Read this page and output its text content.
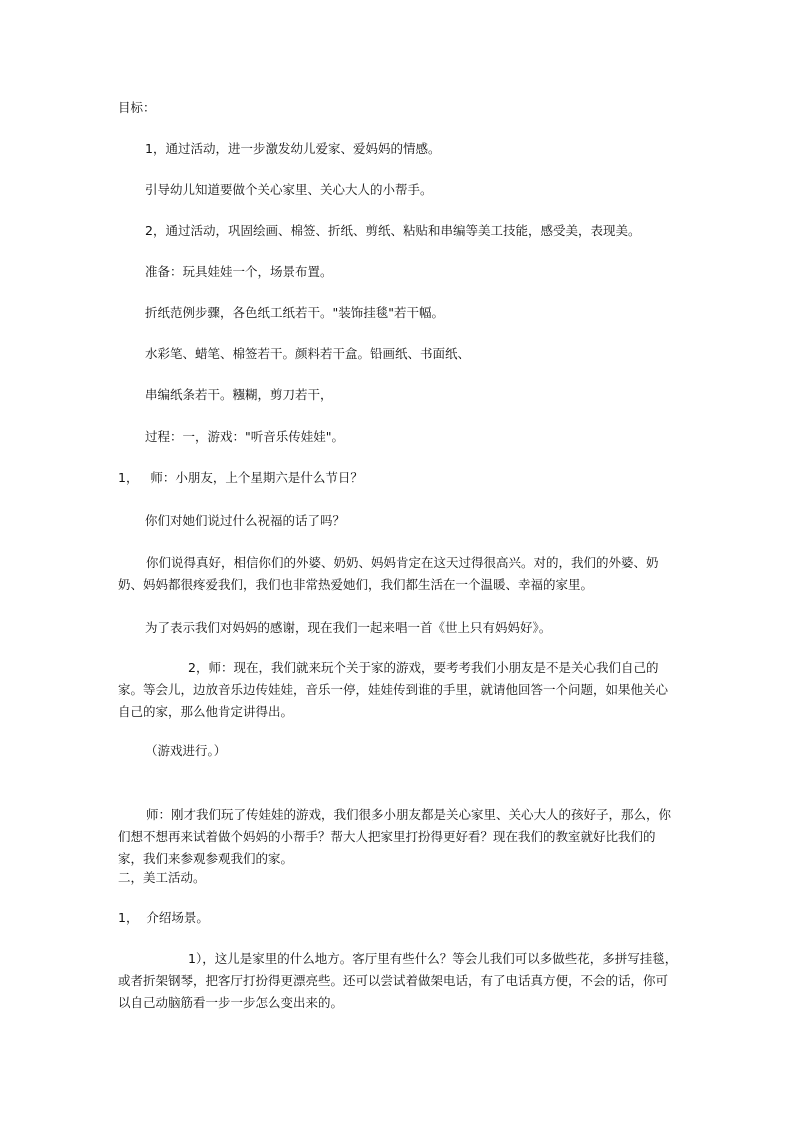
目标：

1，通过活动，进一步激发幼儿爱家、爱妈妈的情感。

引导幼儿知道要做个关心家里、关心大人的小帮手。

2，通过活动，巩固绘画、棉签、折纸、剪纸、粘贴和串编等美工技能，感受美，表现美。

准备：玩具娃娃一个，场景布置。

折纸范例步骤，各色纸工纸若干。"装饰挂毯"若干幅。

水彩笔、蜡笔、棉签若干。颜料若干盒。铅画纸、书面纸、

串编纸条若干。糨糊，剪刀若干，

过程：一，游戏："听音乐传娃娃"。

1，   师：小朋友，上个星期六是什么节日？

你们对她们说过什么祝福的话了吗？

你们说得真好，相信你们的外婆、奶奶、妈妈肯定在这天过得很高兴。对的，我们的外婆、奶奶、妈妈都很疼爱我们，我们也非常热爱她们，我们都生活在一个温暖、幸福的家里。

为了表示我们对妈妈的感谢，现在我们一起来唱一首《世上只有妈妈好》。

2，师：现在，我们就来玩个关于家的游戏，要考考我们小朋友是不是关心我们自己的家。等会儿，边放音乐边传娃娃，音乐一停，娃娃传到谁的手里，就请他回答一个问题，如果他关心自己的家，那么他肯定讲得出。

（游戏进行。）

师：刚才我们玩了传娃娃的游戏，我们很多小朋友都是关心家里、关心大人的孩好子，那么，你们想不想再来试着做个妈妈的小帮手？帮大人把家里打扮得更好看？现在我们的教室就好比我们的家，我们来参观参观我们的家。

二，美工活动。

1，  介绍场景。

1），这儿是家里的什么地方。客厅里有些什么？等会儿我们可以多做些花，多拼写挂毯，或者折架钢琴，把客厅打扮得更漂亮些。还可以尝试着做架电话，有了电话真方便，不会的话，你可以自己动脑筋看一步一步怎么变出来的。
